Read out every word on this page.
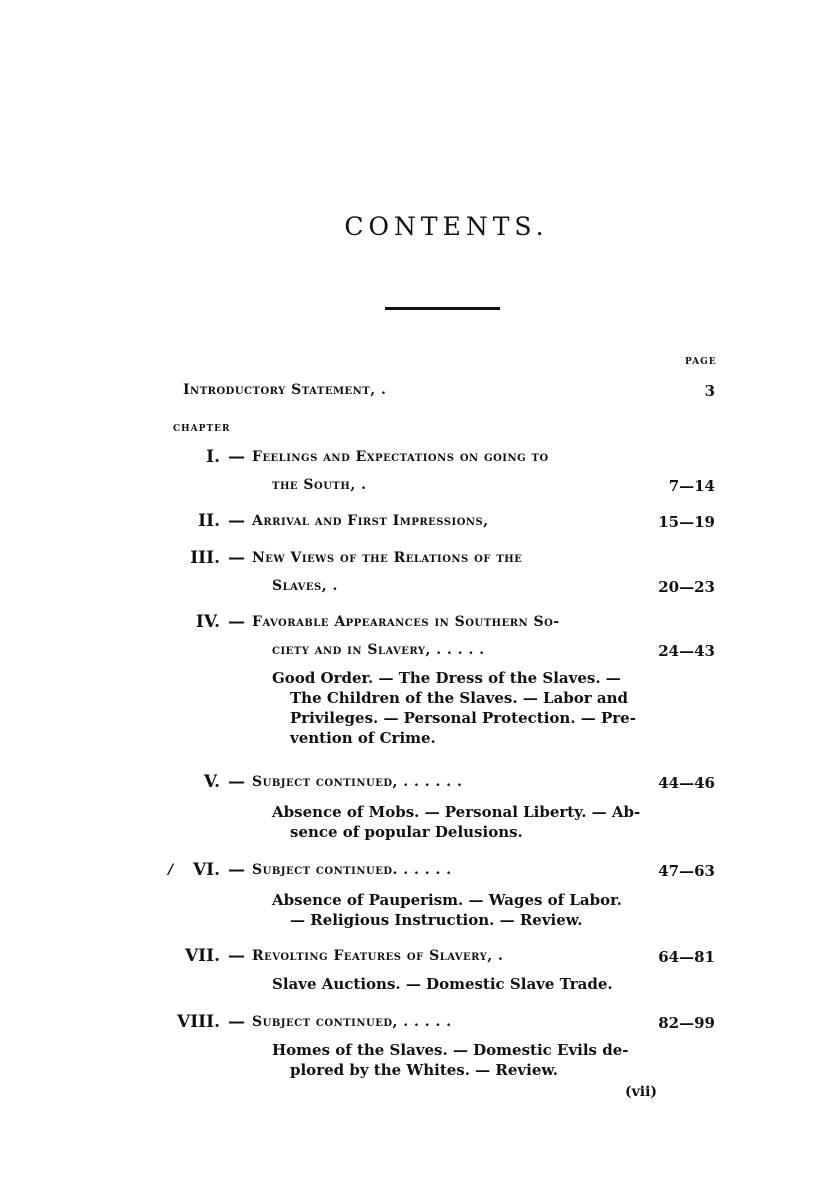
CONTENTS.
PAGE
Introductory Statement, .	3
CHAPTER
I. — Feelings and Expectations on going to
the South, .	7—14
II. — Arrival and First Impressions,	15—19
III. — New Views of the Relations of the
Slaves, .	20—23
IV. — Favorable Appearances in Southern So-
ciety and in Slavery, . . . . .	24—43
Good Order. — The Dress of the Slaves. —
The Children of the Slaves. — Labor and
Privileges. — Personal Protection. — Pre-
vention of Crime.
V. — Subject continued, . . . . . .	44—46
Absence of Mobs. — Personal Liberty. — Ab-
sence of popular Delusions.
/	VI. — Subject continued. . . . . .	47—63
Absence of Pauperism. — Wages of Labor.
— Religious Instruction. — Review.
VII. — Revolting Features of Slavery, .	64—81
Slave Auctions. — Domestic Slave Trade.
VIII. — Subject continued, . . . . .	82—99
Homes of the Slaves. — Domestic Evils de-
plored by the Whites. — Review.
(vii)
